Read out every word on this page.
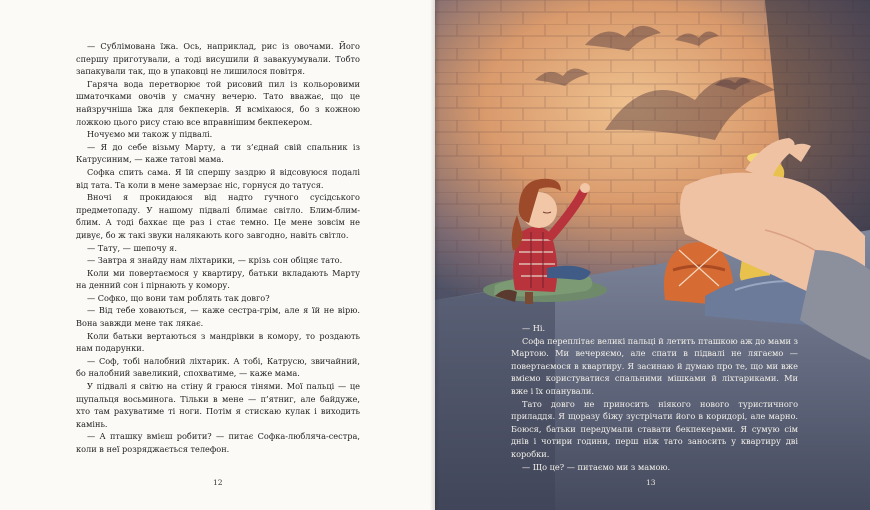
— Сублімована їжа. Ось, наприклад, рис із овочами. Його спершу приготували, а тоді висушили й завакуумували. Тобто запакували так, що в упаковці не лишилося повітря.

Гаряча вода перетворює той рисовий пил із кольоровими шматочками овочів у смачну вечерю. Тато вважає, що це найзручніша їжа для бекпекерів. Я всміхаюся, бо з кожною ложкою цього рису стаю все вправнішим бекпекером.

Ночуємо ми також у підвалі.

— Я до себе візьму Марту, а ти з’єднай свій спальник із Катрусиним, — каже татові мама.

Софка спить сама. Я їй спершу заздрю й відсовуюся подалі від тата. Та коли в мене замерзає ніс, горнуся до татуся.

Вночі я прокидаюся від надто гучного сусідського предметопаду. У нашому підвалі блимає світло. Блим-блим-блим. А тоді бахкає ще раз і стає темно. Це мене зовсім не дивує, бо ж такі звуки налякають кого завгодно, навіть світло.

— Тату, — шепочу я.

— Завтра я знайду нам ліхтарики, — крізь сон обіцяє тато.

Коли ми повертаємося у квартиру, батьки вкладають Марту на денний сон і пірнають у комору.

— Софко, що вони там роблять так довго?

— Від тебе ховаються, — каже сестра-грім, але я їй не вірю. Вона завжди мене так лякає.

Коли батьки вертаються з мандрівки в комору, то роздають нам подарунки.

— Соф, тобі налобний ліхтарик. А тобі, Катрусю, звичайний, бо налобний завеликий, спохватиме, — каже мама.

У підвалі я світю на стіну й граюся тінями. Мої пальці — це щупальця восьминога. Тільки в мене — п’ятниг, але байдуже, хто там рахуватиме ті ноги. Потім я стискаю кулак і виходить камінь.

— А пташку вмієш робити? — питає Софка-любляча-сестра, коли в неї розряджається телефон.

12

— Ні.

Софа переплітає великі пальці й летить пташкою аж до мами з Мартою. Ми вечеряємо, але спати в підвалі не лягаємо — повертаємося в квартиру. Я засинаю й думаю про те, що ми вже вміємо користуватися спальними мішками й ліхтариками. Ми вже і їх опанували.

Тато довго не приносить ніякого нового туристичного приладдя. Я щоразу біжу зустрічати його в коридорі, але марно. Боюся, батьки передумали ставати бекпекерами. Я сумую сім днів і чотири години, перш ніж тато заносить у квартиру дві коробки.

— Що це? — питаємо ми з мамою.

13
